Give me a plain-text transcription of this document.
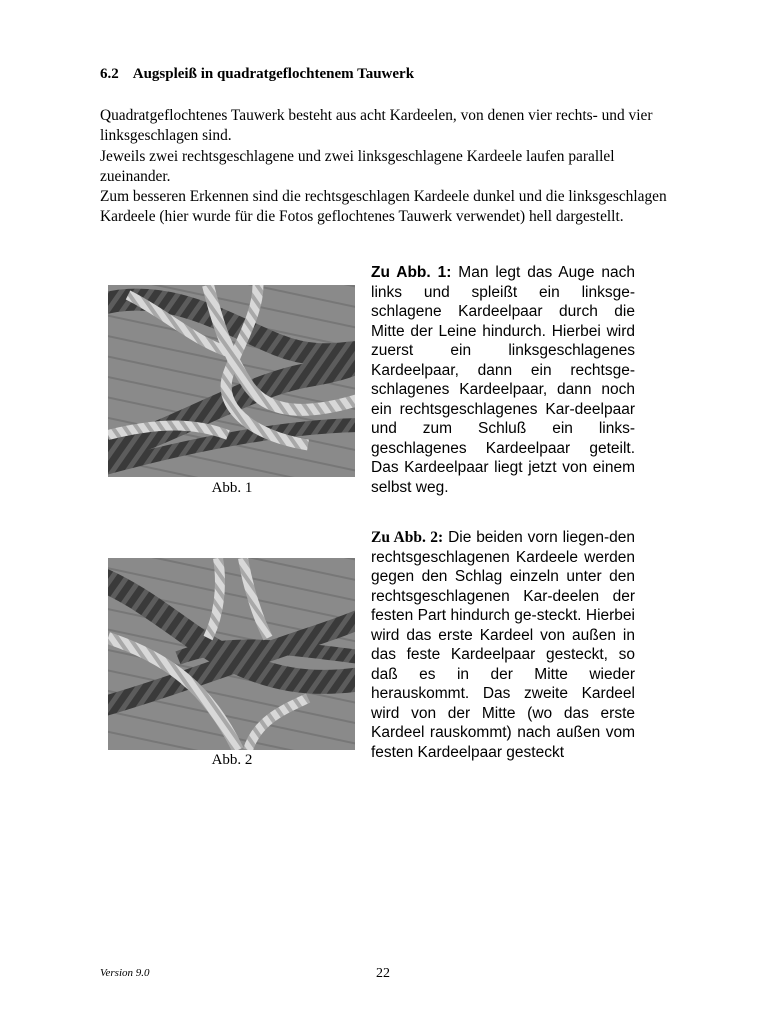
6.2 Augspleiß in quadratgeflochtenem Tauwerk

Quadratgeflochtenes Tauwerk besteht aus acht Kardeelen, von denen vier rechts- und vier linksgeschlagen sind.

Jeweils zwei rechtsgeschlagene und zwei linksgeschlagene Kardeele laufen parallel zueinander.

Zum besseren Erkennen sind die rechtsgeschlagen Kardeele dunkel und die linksgeschlagen Kardeele (hier wurde für die Fotos geflochtenes Tauwerk verwendet) hell dargestellt.

Abb. 1

Zu Abb. 1: Man legt das Auge nach links und spleißt ein linksge-schlagene Kardeelpaar durch die Mitte der Leine hindurch. Hierbei wird zuerst ein linksgeschlagenes Kardeelpaar, dann ein rechtsge-schlagenes Kardeelpaar, dann noch ein rechtsgeschlagenes Kar-deelpaar und zum Schluß ein links-geschlagenes Kardeelpaar geteilt. Das Kardeelpaar liegt jetzt von einem selbst weg.

Abb. 2

Zu Abb. 2: Die beiden vorn liegen-den rechtsgeschlagenen Kardeele werden gegen den Schlag einzeln unter den rechtsgeschlagenen Kar-deelen der festen Part hindurch ge-steckt. Hierbei wird das erste Kardeel von außen in das feste Kardeelpaar gesteckt, so daß es in der Mitte wieder herauskommt. Das zweite Kardeel wird von der Mitte (wo das erste Kardeel rauskommt) nach außen vom festen Kardeelpaar gesteckt

Version 9.0	22
